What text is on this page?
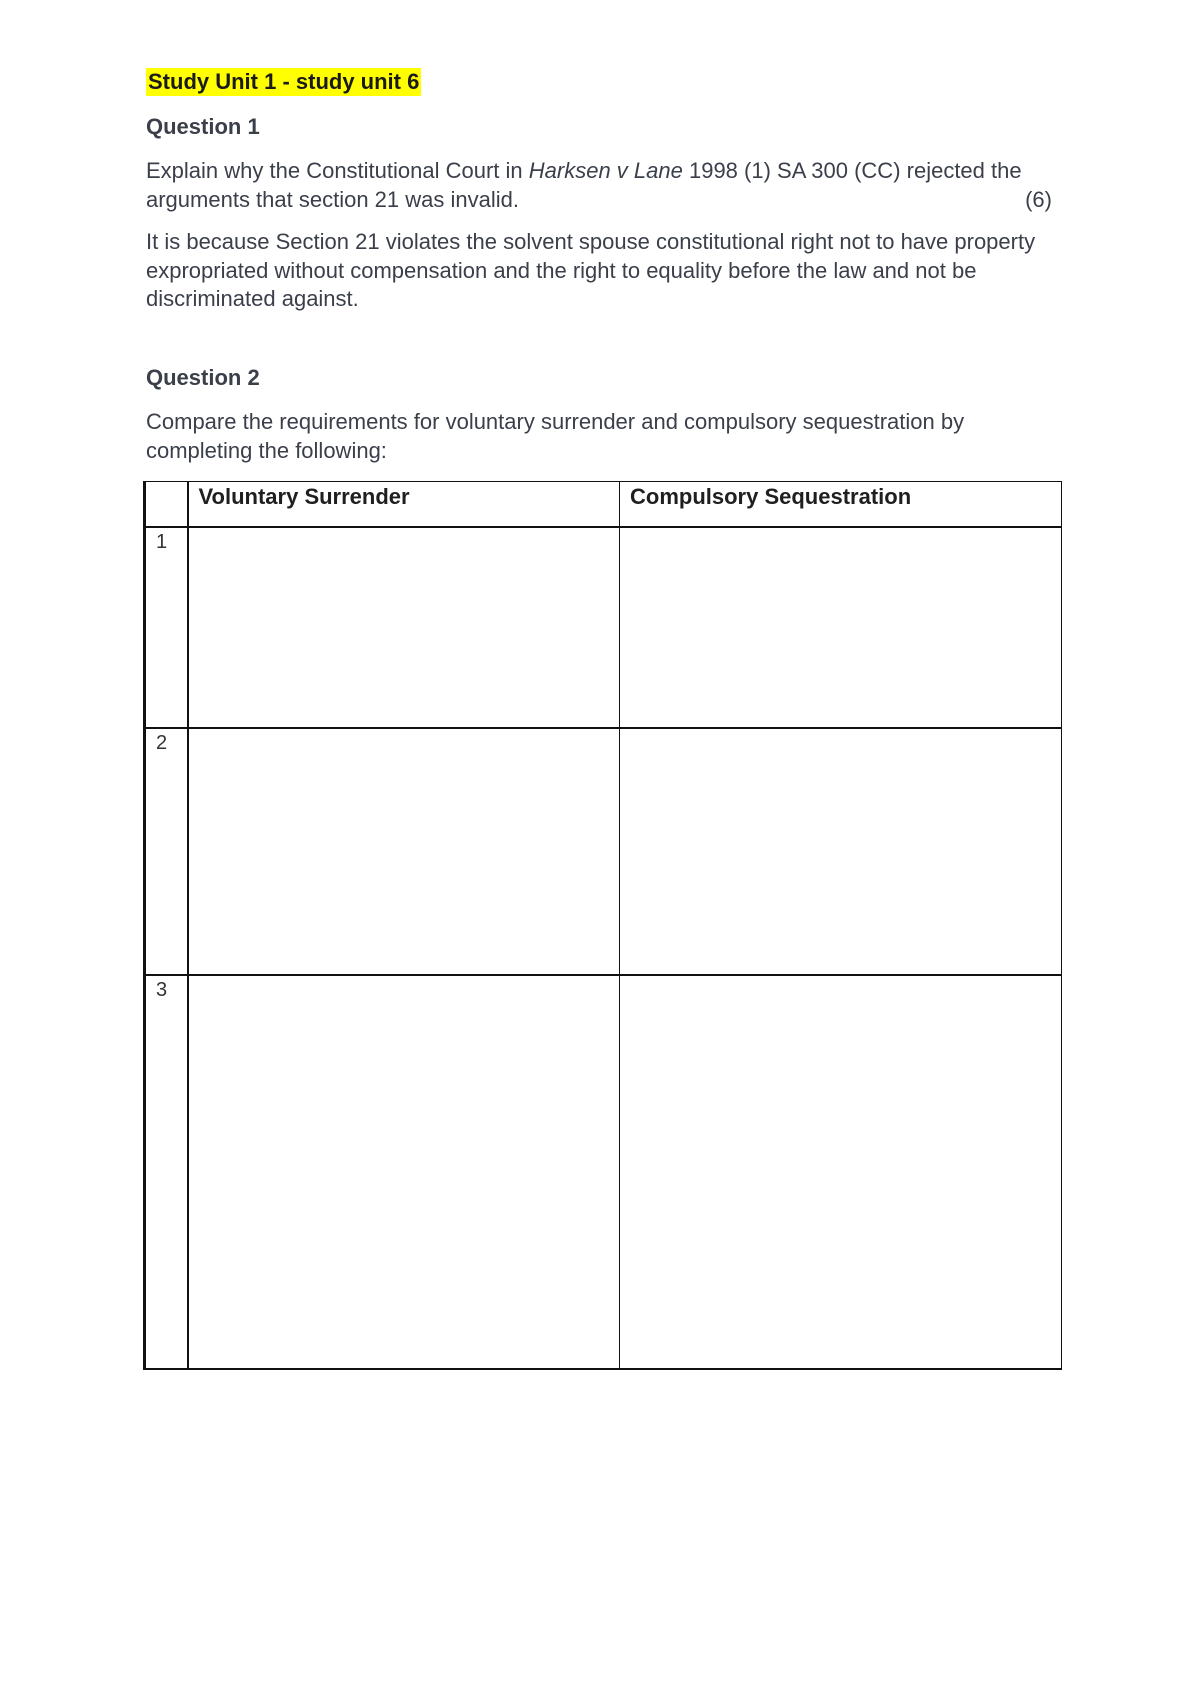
Study Unit 1 - study unit 6
Question 1

Explain why the Constitutional Court in Harksen v Lane 1998 (1) SA 300 (CC) rejected the arguments that section 21 was invalid.	(6)

It is because Section 21 violates the solvent spouse constitutional right not to have property expropriated without compensation and the right to equality before the law and not be discriminated against.

Question 2

Compare the requirements for voluntary surrender and compulsory sequestration by completing the following:

	Voluntary Surrender	Compulsory Sequestration
1		
2		
3		
